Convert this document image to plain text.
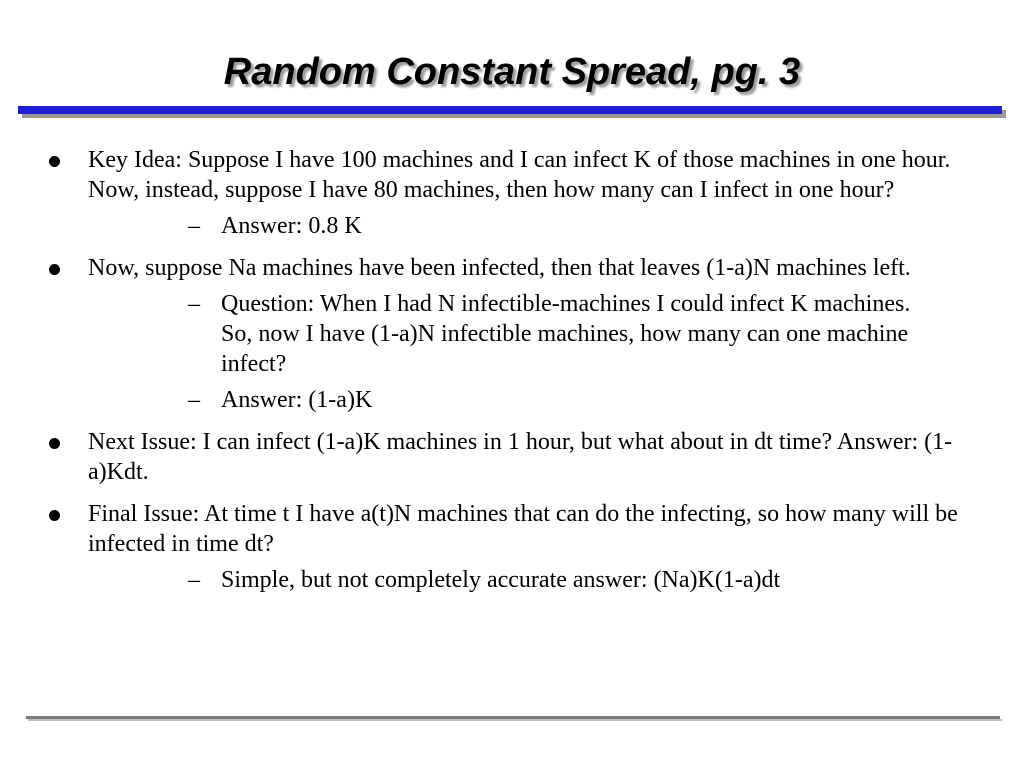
Random Constant Spread, pg. 3
Key Idea: Suppose I have 100 machines and I can infect K of those machines in one hour. Now, instead, suppose I have 80 machines, then how many can I infect in one hour?
– Answer: 0.8 K
Now, suppose Na machines have been infected, then that leaves (1-a)N machines left.
– Question: When I had N infectible-machines I could infect K machines. So, now I have (1-a)N infectible machines, how many can one machine infect?
– Answer: (1-a)K
Next Issue: I can infect (1-a)K machines in 1 hour, but what about in dt time? Answer: (1-a)Kdt.
Final Issue: At time t I have a(t)N machines that can do the infecting, so how many will be infected in time dt?
– Simple, but not completely accurate answer: (Na)K(1-a)dt
